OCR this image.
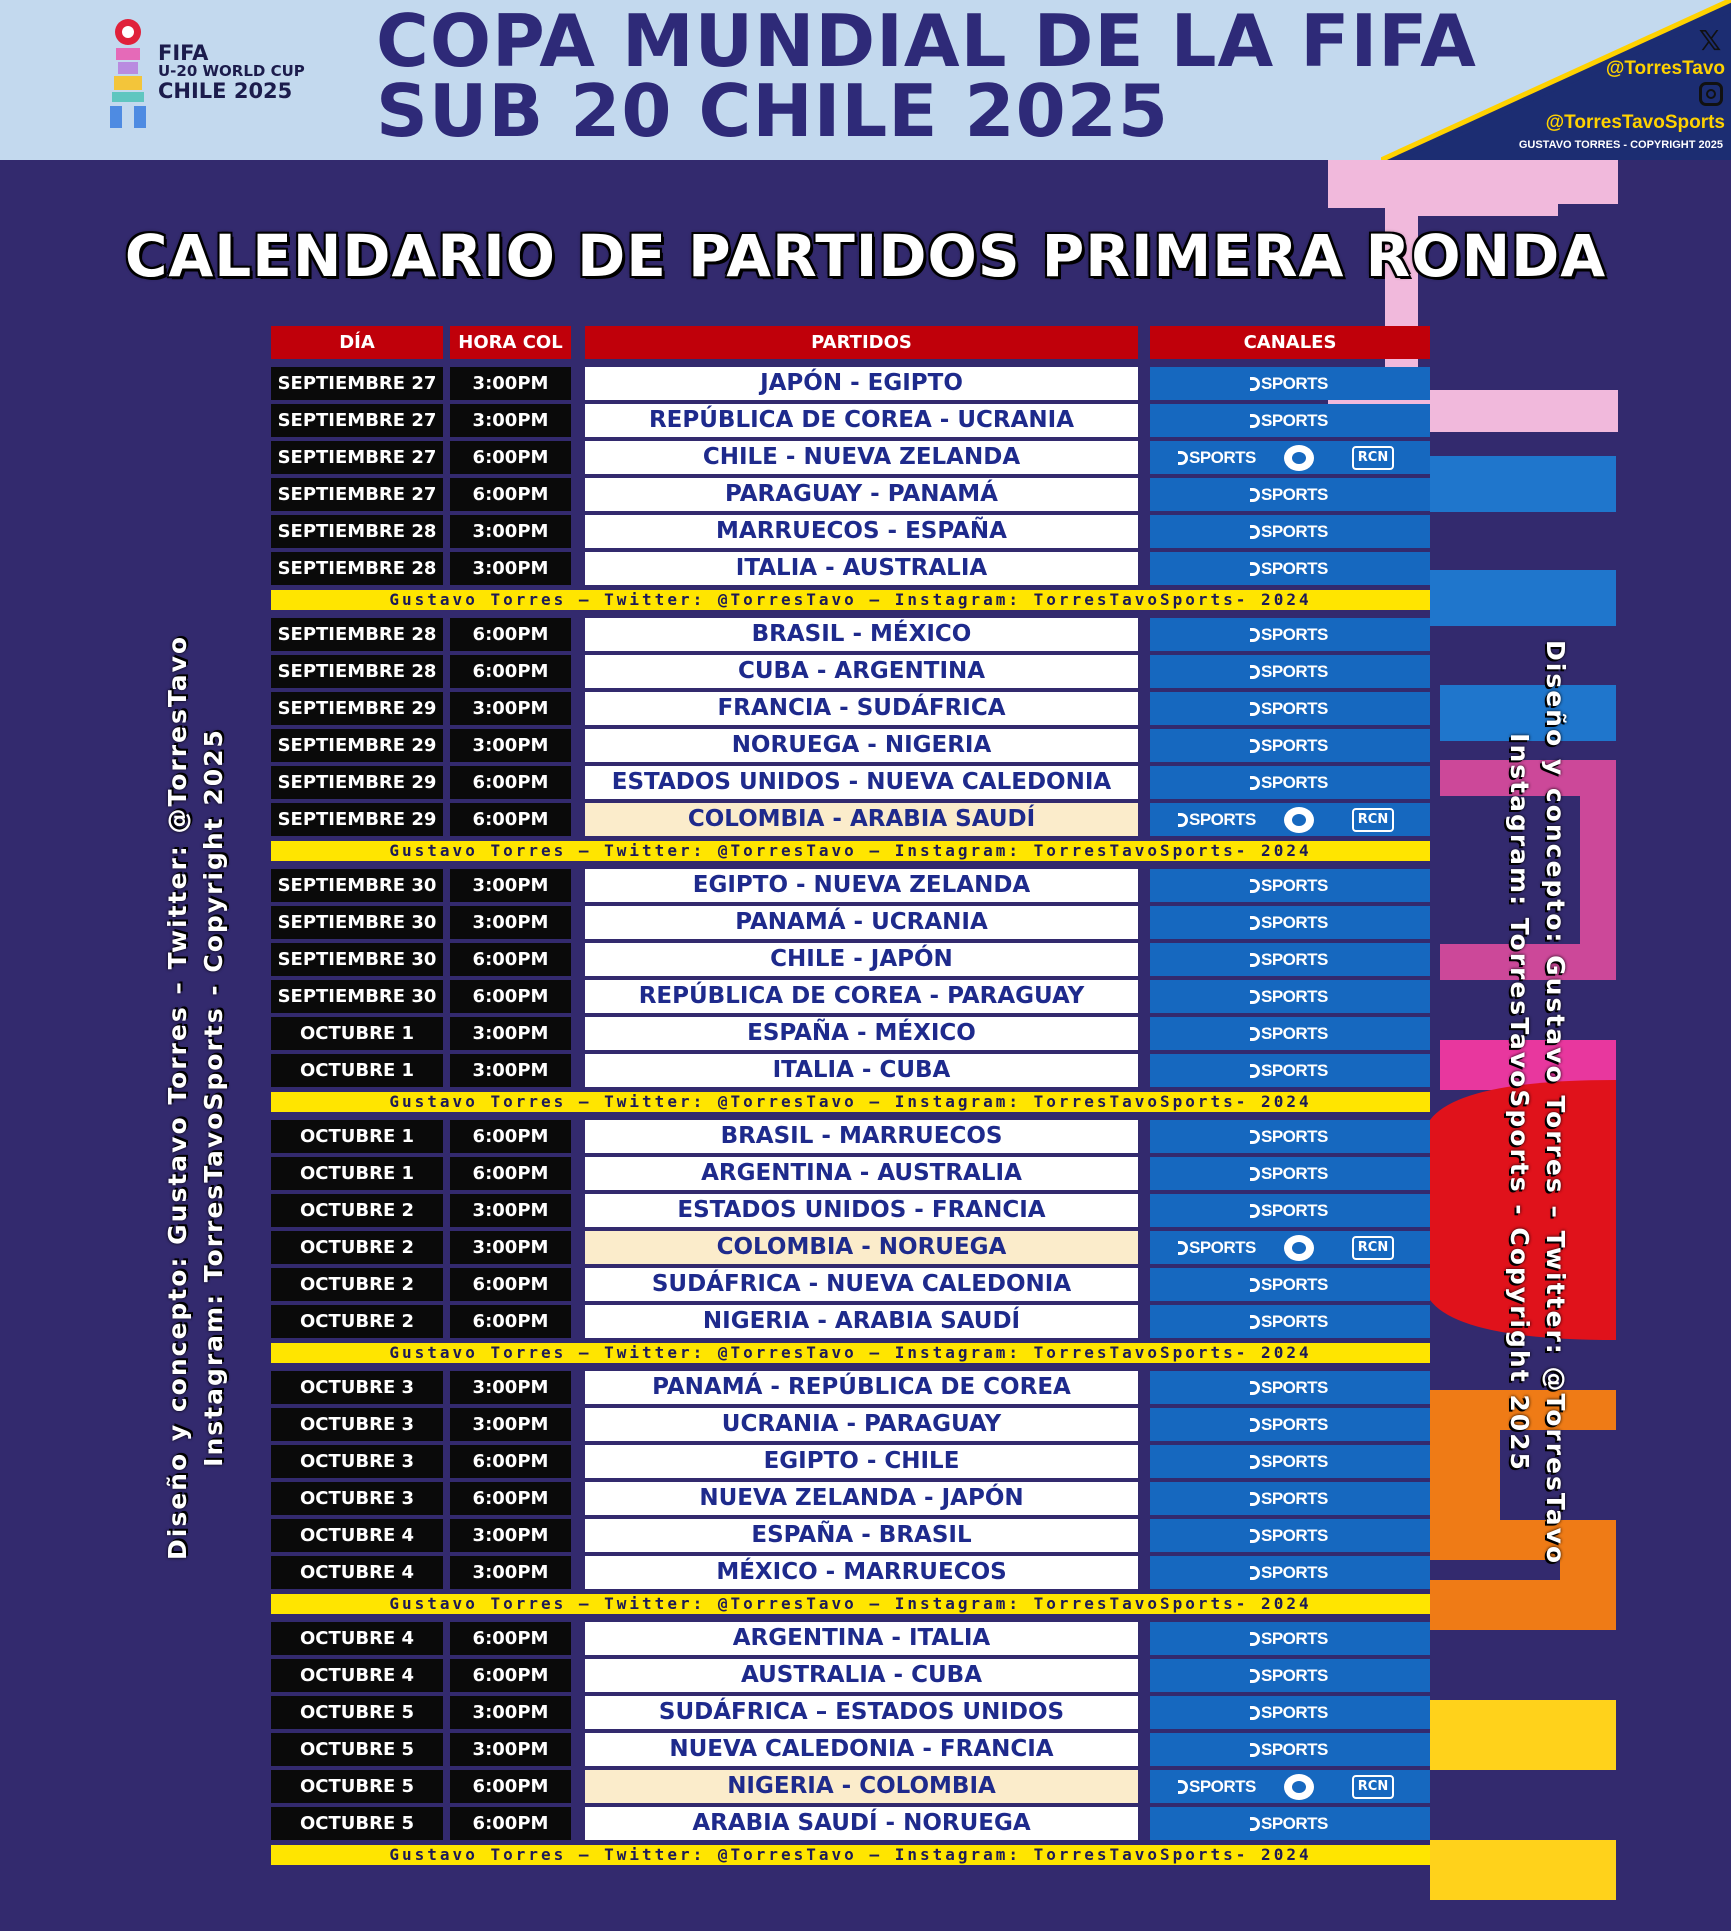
FIFA
U-20 WORLD CUP
CHILE 2025
COPA MUNDIAL DE LA FIFA
SUB 20 CHILE 2025
𝕏
@TorresTavo
@TorresTavoSports
GUSTAVO TORRES - COPYRIGHT 2025
CALENDARIO DE PARTIDOS PRIMERA RONDA
DÍA	HORA COL	PARTIDOS	CANALES
SEPTIEMBRE 27	3:00PM	JAPÓN - EGIPTO	SPORTS
SEPTIEMBRE 27	3:00PM	REPÚBLICA DE COREA - UCRANIA	SPORTS
SEPTIEMBRE 27	6:00PM	CHILE - NUEVA ZELANDA	SPORTS	RCN
SEPTIEMBRE 27	6:00PM	PARAGUAY - PANAMÁ	SPORTS
SEPTIEMBRE 28	3:00PM	MARRUECOS - ESPAÑA	SPORTS
SEPTIEMBRE 28	3:00PM	ITALIA - AUSTRALIA	SPORTS
Gustavo Torres – Twitter: @TorresTavo – Instagram: TorresTavoSports- 2024
SEPTIEMBRE 28	6:00PM	BRASIL - MÉXICO	SPORTS
SEPTIEMBRE 28	6:00PM	CUBA - ARGENTINA	SPORTS
SEPTIEMBRE 29	3:00PM	FRANCIA - SUDÁFRICA	SPORTS
SEPTIEMBRE 29	3:00PM	NORUEGA - NIGERIA	SPORTS
SEPTIEMBRE 29	6:00PM	ESTADOS UNIDOS - NUEVA CALEDONIA	SPORTS
SEPTIEMBRE 29	6:00PM	COLOMBIA - ARABIA SAUDÍ	SPORTS	RCN
Gustavo Torres – Twitter: @TorresTavo – Instagram: TorresTavoSports- 2024
SEPTIEMBRE 30	3:00PM	EGIPTO - NUEVA ZELANDA	SPORTS
SEPTIEMBRE 30	3:00PM	PANAMÁ - UCRANIA	SPORTS
SEPTIEMBRE 30	6:00PM	CHILE - JAPÓN	SPORTS
SEPTIEMBRE 30	6:00PM	REPÚBLICA DE COREA - PARAGUAY	SPORTS
OCTUBRE 1	3:00PM	ESPAÑA - MÉXICO	SPORTS
OCTUBRE 1	3:00PM	ITALIA - CUBA	SPORTS
Gustavo Torres – Twitter: @TorresTavo – Instagram: TorresTavoSports- 2024
OCTUBRE 1	6:00PM	BRASIL - MARRUECOS	SPORTS
OCTUBRE 1	6:00PM	ARGENTINA - AUSTRALIA	SPORTS
OCTUBRE 2	3:00PM	ESTADOS UNIDOS - FRANCIA	SPORTS
OCTUBRE 2	3:00PM	COLOMBIA - NORUEGA	SPORTS	RCN
OCTUBRE 2	6:00PM	SUDÁFRICA - NUEVA CALEDONIA	SPORTS
OCTUBRE 2	6:00PM	NIGERIA - ARABIA SAUDÍ	SPORTS
Gustavo Torres – Twitter: @TorresTavo – Instagram: TorresTavoSports- 2024
OCTUBRE 3	3:00PM	PANAMÁ - REPÚBLICA DE COREA	SPORTS
OCTUBRE 3	3:00PM	UCRANIA - PARAGUAY	SPORTS
OCTUBRE 3	6:00PM	EGIPTO - CHILE	SPORTS
OCTUBRE 3	6:00PM	NUEVA ZELANDA - JAPÓN	SPORTS
OCTUBRE 4	3:00PM	ESPAÑA - BRASIL	SPORTS
OCTUBRE 4	3:00PM	MÉXICO - MARRUECOS	SPORTS
Gustavo Torres – Twitter: @TorresTavo – Instagram: TorresTavoSports- 2024
OCTUBRE 4	6:00PM	ARGENTINA - ITALIA	SPORTS
OCTUBRE 4	6:00PM	AUSTRALIA - CUBA	SPORTS
OCTUBRE 5	3:00PM	SUDÁFRICA – ESTADOS UNIDOS	SPORTS
OCTUBRE 5	3:00PM	NUEVA CALEDONIA - FRANCIA	SPORTS
OCTUBRE 5	6:00PM	NIGERIA - COLOMBIA	SPORTS	RCN
OCTUBRE 5	6:00PM	ARABIA SAUDÍ - NORUEGA	SPORTS
Gustavo Torres – Twitter: @TorresTavo – Instagram: TorresTavoSports- 2024
Diseño y concepto: Gustavo Torres – Twitter: @TorresTavo Instagram: TorresTavoSports - Copyright 2025	Diseño y concepto: Gustavo Torres – Twitter: @TorresTavo
Instagram: TorresTavoSports - Copyright 2025
